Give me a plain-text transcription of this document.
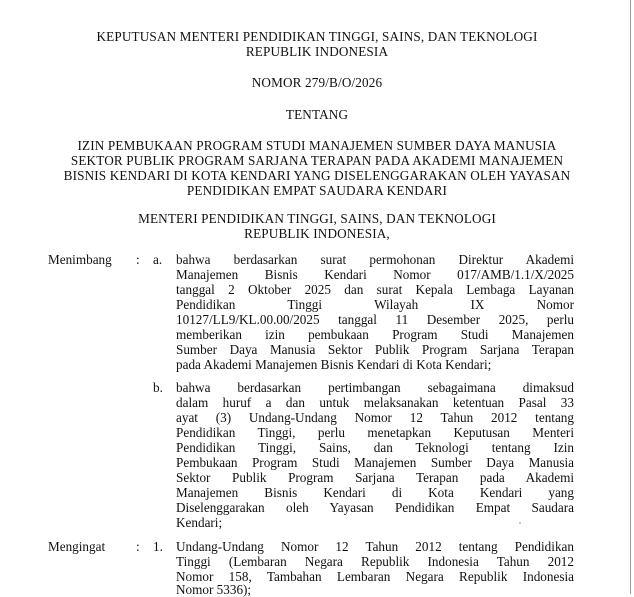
KEPUTUSAN MENTERI PENDIDIKAN TINGGI, SAINS, DAN TEKNOLOGI
REPUBLIK INDONESIA
NOMOR 279/B/O/2026
TENTANG
IZIN PEMBUKAAN PROGRAM STUDI MANAJEMEN SUMBER DAYA MANUSIA
SEKTOR PUBLIK PROGRAM SARJANA TERAPAN PADA AKADEMI MANAJEMEN
BISNIS KENDARI DI KOTA KENDARI YANG DISELENGGARAKAN OLEH YAYASAN
PENDIDIKAN EMPAT SAUDARA KENDARI
MENTERI PENDIDIKAN TINGGI, SAINS, DAN TEKNOLOGI
REPUBLIK INDONESIA,
Menimbang : a. bahwa berdasarkan surat permohonan Direktur Akademi
Manajemen Bisnis Kendari Nomor 017/AMB/1.1/X/2025
tanggal 2 Oktober 2025 dan surat Kepala Lembaga Layanan
Pendidikan Tinggi Wilayah IX Nomor
10127/LL9/KL.00.00/2025 tanggal 11 Desember 2025, perlu
memberikan izin pembukaan Program Studi Manajemen
Sumber Daya Manusia Sektor Publik Program Sarjana Terapan
pada Akademi Manajemen Bisnis Kendari di Kota Kendari;
b. bahwa berdasarkan pertimbangan sebagaimana dimaksud
dalam huruf a dan untuk melaksanakan ketentuan Pasal 33
ayat (3) Undang-Undang Nomor 12 Tahun 2012 tentang
Pendidikan Tinggi, perlu menetapkan Keputusan Menteri
Pendidikan Tinggi, Sains, dan Teknologi tentang Izin
Pembukaan Program Studi Manajemen Sumber Daya Manusia
Sektor Publik Program Sarjana Terapan pada Akademi
Manajemen Bisnis Kendari di Kota Kendari yang
Diselenggarakan oleh Yayasan Pendidikan Empat Saudara
Kendari;
Mengingat : 1. Undang-Undang Nomor 12 Tahun 2012 tentang Pendidikan
Tinggi (Lembaran Negara Republik Indonesia Tahun 2012
Nomor 158, Tambahan Lembaran Negara Republik Indonesia
Nomor 5336);
